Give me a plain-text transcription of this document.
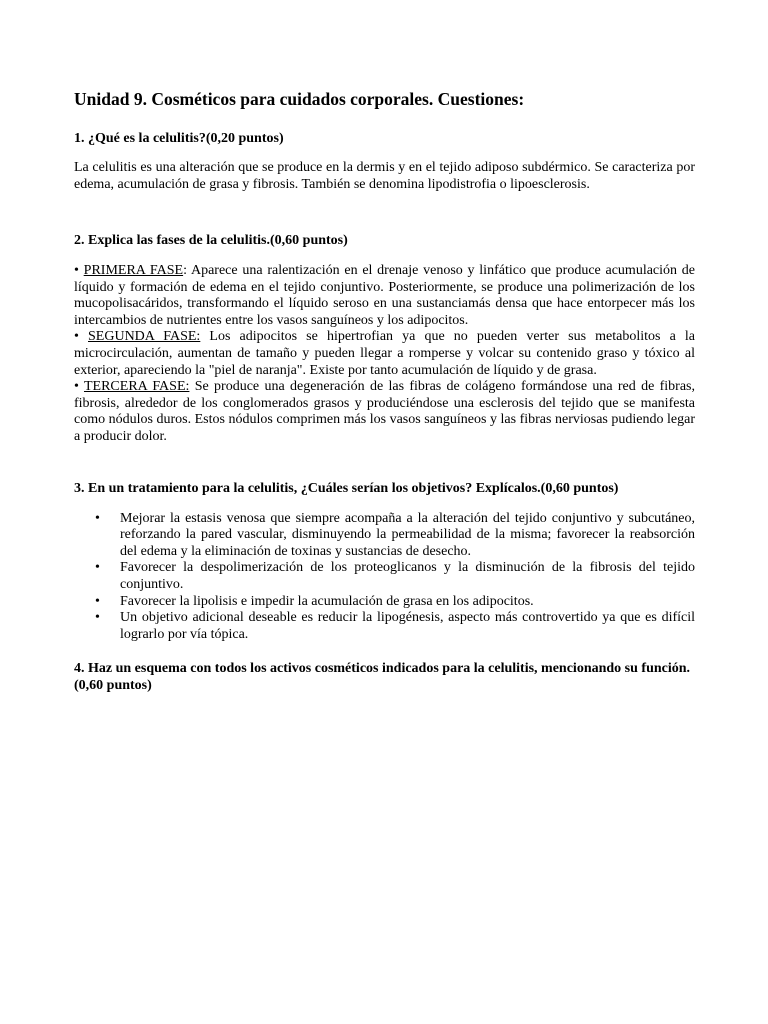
Unidad 9. Cosméticos para cuidados corporales. Cuestiones:

1. ¿Qué es la celulitis?(0,20 puntos)

La celulitis es una alteración que se produce en la dermis y en el tejido adiposo subdérmico. Se caracteriza por edema, acumulación de grasa y fibrosis. También se denomina lipodistrofia o lipoesclerosis.

2. Explica las fases de la celulitis.(0,60 puntos)

• PRIMERA FASE: Aparece una ralentización en el drenaje venoso y linfático que produce acumulación de líquido y formación de edema en el tejido conjuntivo. Posteriormente, se produce una polimerización de los mucopolisacáridos, transformando el líquido seroso en una sustanciamás densa que hace entorpecer más los intercambios de nutrientes entre los vasos sanguíneos y los adipocitos.

• SEGUNDA FASE: Los adipocitos se hipertrofian ya que no pueden verter sus metabolitos a la microcirculación, aumentan de tamaño y pueden llegar a romperse y volcar su contenido graso y tóxico al exterior, apareciendo la "piel de naranja". Existe por tanto acumulación de líquido y de grasa.

• TERCERA FASE: Se produce una degeneración de las fibras de colágeno formándose una red de fibras, fibrosis, alrededor de los conglomerados grasos y produciéndose una esclerosis del tejido que se manifesta como nódulos duros. Estos nódulos comprimen más los vasos sanguíneos y las fibras nerviosas pudiendo legar a producir dolor.

3. En un tratamiento para la celulitis, ¿Cuáles serían los objetivos? Explícalos.(0,60 puntos)

• Mejorar la estasis venosa que siempre acompaña a la alteración del tejido conjuntivo y subcutáneo, reforzando la pared vascular, disminuyendo la permeabilidad de la misma; favorecer la reabsorción del edema y la eliminación de toxinas y sustancias de desecho.
• Favorecer la despolimerización de los proteoglicanos y la disminución de la fibrosis del tejido conjuntivo.
• Favorecer la lipolisis e impedir la acumulación de grasa en los adipocitos.
• Un objetivo adicional deseable es reducir la lipogénesis, aspecto más controvertido ya que es difícil lograrlo por vía tópica.

4. Haz un esquema con todos los activos cosméticos indicados para la celulitis, mencionando su función.(0,60 puntos)
